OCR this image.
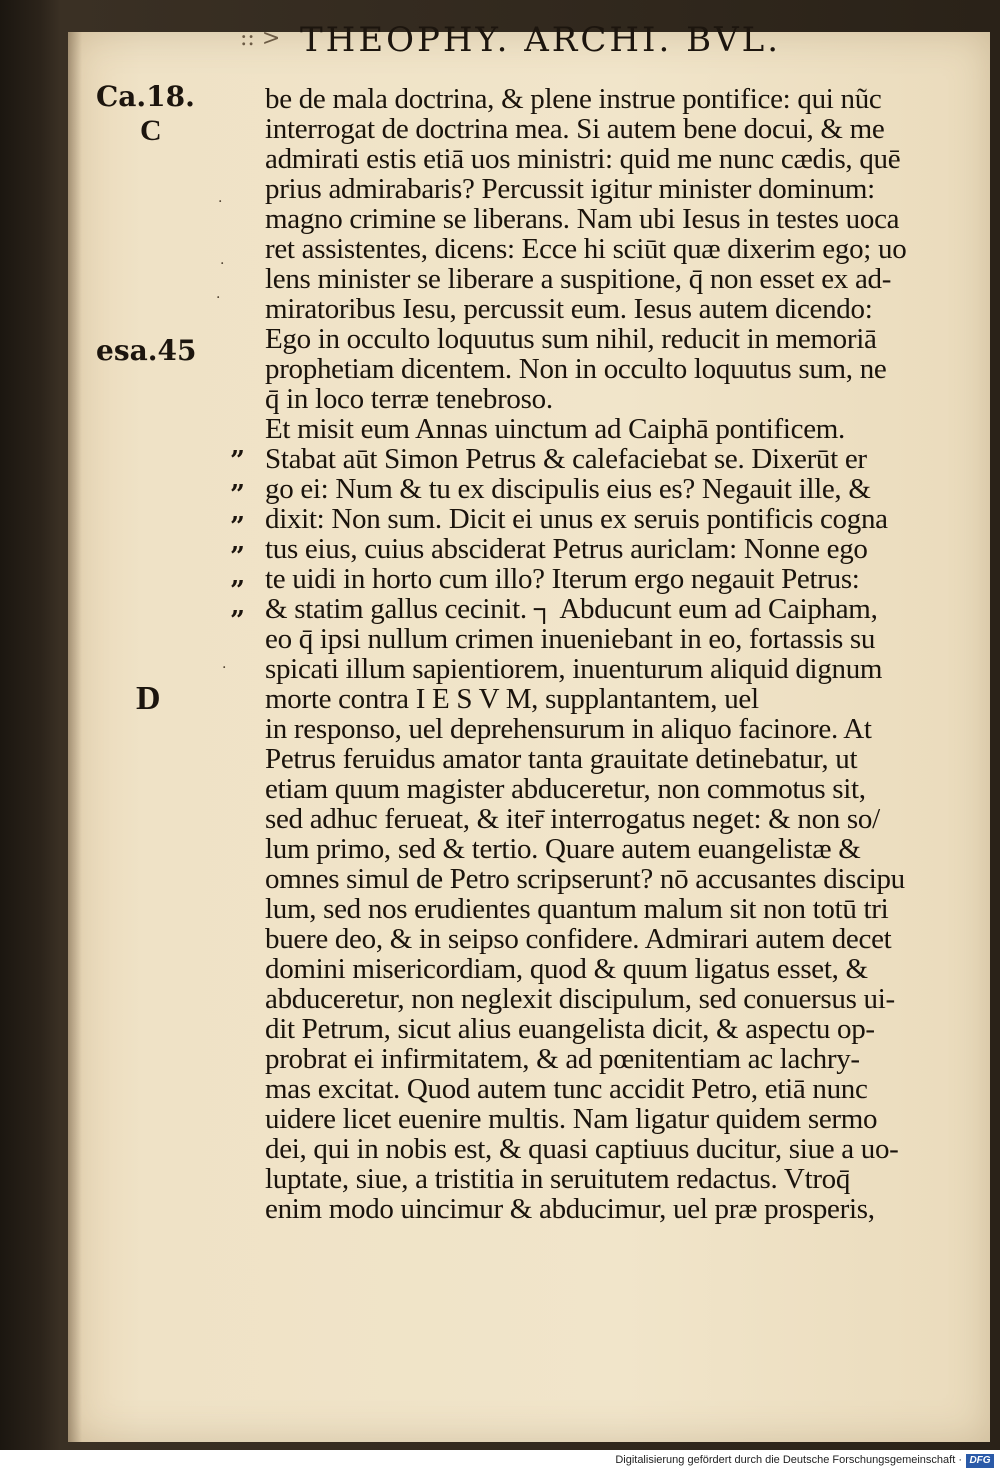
:: > THEOPHY. ARCHI. BVL.
Ca.18.
C
esa.45
D
”
”
”
”
”
”
·
·
·
·
be de mala doctrina, & plene instrue pontifice: qui nũc
interrogat de doctrina mea. Si autem bene docui, & me
admirati estis etiā uos ministri: quid me nunc cædis, quē
prius admirabaris? Percussit igitur minister dominum:
magno crimine se liberans. Nam ubi Iesus in testes uoca
ret assistentes, dicens: Ecce hi sciūt quæ dixerim ego; uo
lens minister se liberare a suspitione, q̄ non esset ex ad-
miratoribus Iesu, percussit eum. Iesus autem dicendo:
Ego in occulto loquutus sum nihil, reducit in memoriā
prophetiam dicentem. Non in occulto loquutus sum, ne
q̄ in loco terræ tenebroso.
Et misit eum Annas uinctum ad Caiphā pontificem.
Stabat aūt Simon Petrus & calefaciebat se. Dixerūt er
go ei: Num & tu ex discipulis eius es? Negauit ille, &
dixit: Non sum. Dicit ei unus ex seruis pontificis cogna
tus eius, cuius absciderat Petrus auriclam: Nonne ego
te uidi in horto cum illo? Iterum ergo negauit Petrus:
& statim gallus cecinit. ┐ Abducunt eum ad Caipham,
eo q̄ ipsi nullum crimen inueniebant in eo, fortassis su
spicati illum sapientiorem, inuenturum aliquid dignum
morte contra I E S V M, supplantantem, uel
in responso, uel deprehensurum in aliquo facinore. At
Petrus feruidus amator tanta grauitate detinebatur, ut
etiam quum magister abduceretur, non commotus sit,
sed adhuc ferueat, & iter̄ interrogatus neget: & non so/
lum primo, sed & tertio. Quare autem euangelistæ &
omnes simul de Petro scripserunt? nō accusantes discipu
lum, sed nos erudientes quantum malum sit non totū tri
buere deo, & in seipso confidere. Admirari autem decet
domini misericordiam, quod & quum ligatus esset, &
abduceretur, non neglexit discipulum, sed conuersus ui-
dit Petrum, sicut alius euangelista dicit, & aspectu op-
probrat ei infirmitatem, & ad pœnitentiam ac lachry-
mas excitat. Quod autem tunc accidit Petro, etiā nunc
uidere licet euenire multis. Nam ligatur quidem sermo
dei, qui in nobis est, & quasi captiuus ducitur, siue a uo-
luptate, siue, a tristitia in seruitutem redactus. Vtroq̄
enim modo uincimur & abducimur, uel præ prosperis,
Digitalisierung gefördert durch die Deutsche Forschungsgemeinschaft · DFG
